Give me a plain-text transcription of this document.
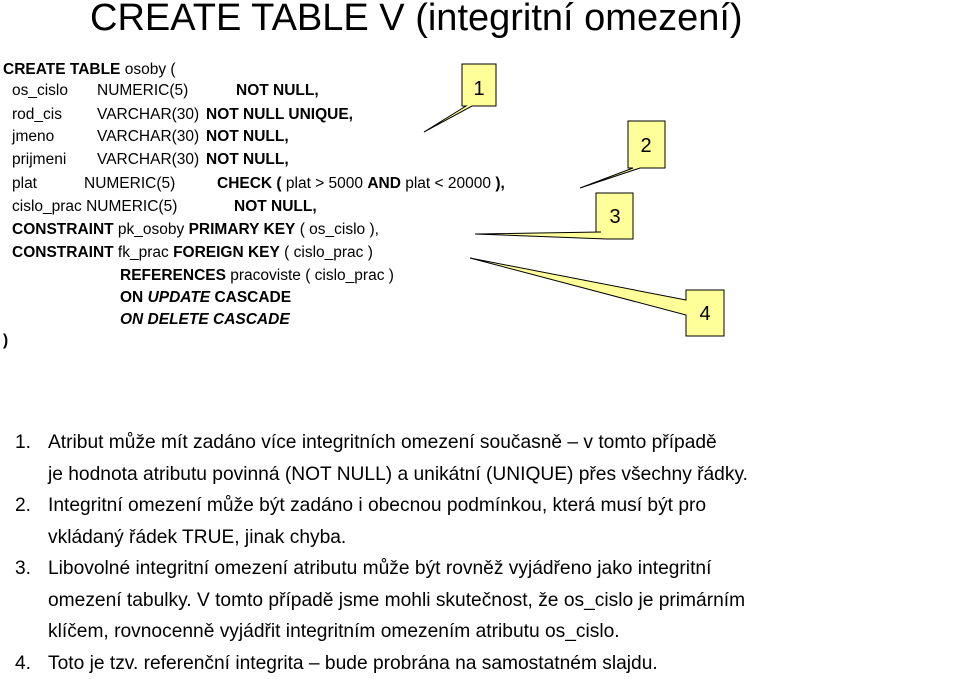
CREATE TABLE V (integritní omezení)
CREATE TABLE osoby (
os_cislo NUMERIC(5)	NOT NULL,
rod_cis VARCHAR(30) NOT NULL UNIQUE,
jmeno	VARCHAR(30) NOT NULL,
prijmeni VARCHAR(30) NOT NULL,
plat	NUMERIC(5)	CHECK ( plat > 5000 AND plat < 20000 ),
cislo_prac NUMERIC(5)	NOT NULL,
CONSTRAINT pk_osoby PRIMARY KEY ( os_cislo ),
CONSTRAINT fk_prac FOREIGN KEY ( cislo_prac )
REFERENCES pracoviste ( cislo_prac )
ON UPDATE CASCADE
ON DELETE CASCADE
)
1
2
3
4
1. Atribut může mít zadáno více integritních omezení současně – v tomto případě
je hodnota atributu povinná (NOT NULL) a unikátní (UNIQUE) přes všechny řádky.
2. Integritní omezení může být zadáno i obecnou podmínkou, která musí být pro
vkládaný řádek TRUE, jinak chyba.
3. Libovolné integritní omezení atributu může být rovněž vyjádřeno jako integritní
omezení tabulky. V tomto případě jsme mohli skutečnost, že os_cislo je primárním
klíčem, rovnocenně vyjádřit integritním omezením atributu os_cislo.
4. Toto je tzv. referenční integrita – bude probrána na samostatném slajdu.
